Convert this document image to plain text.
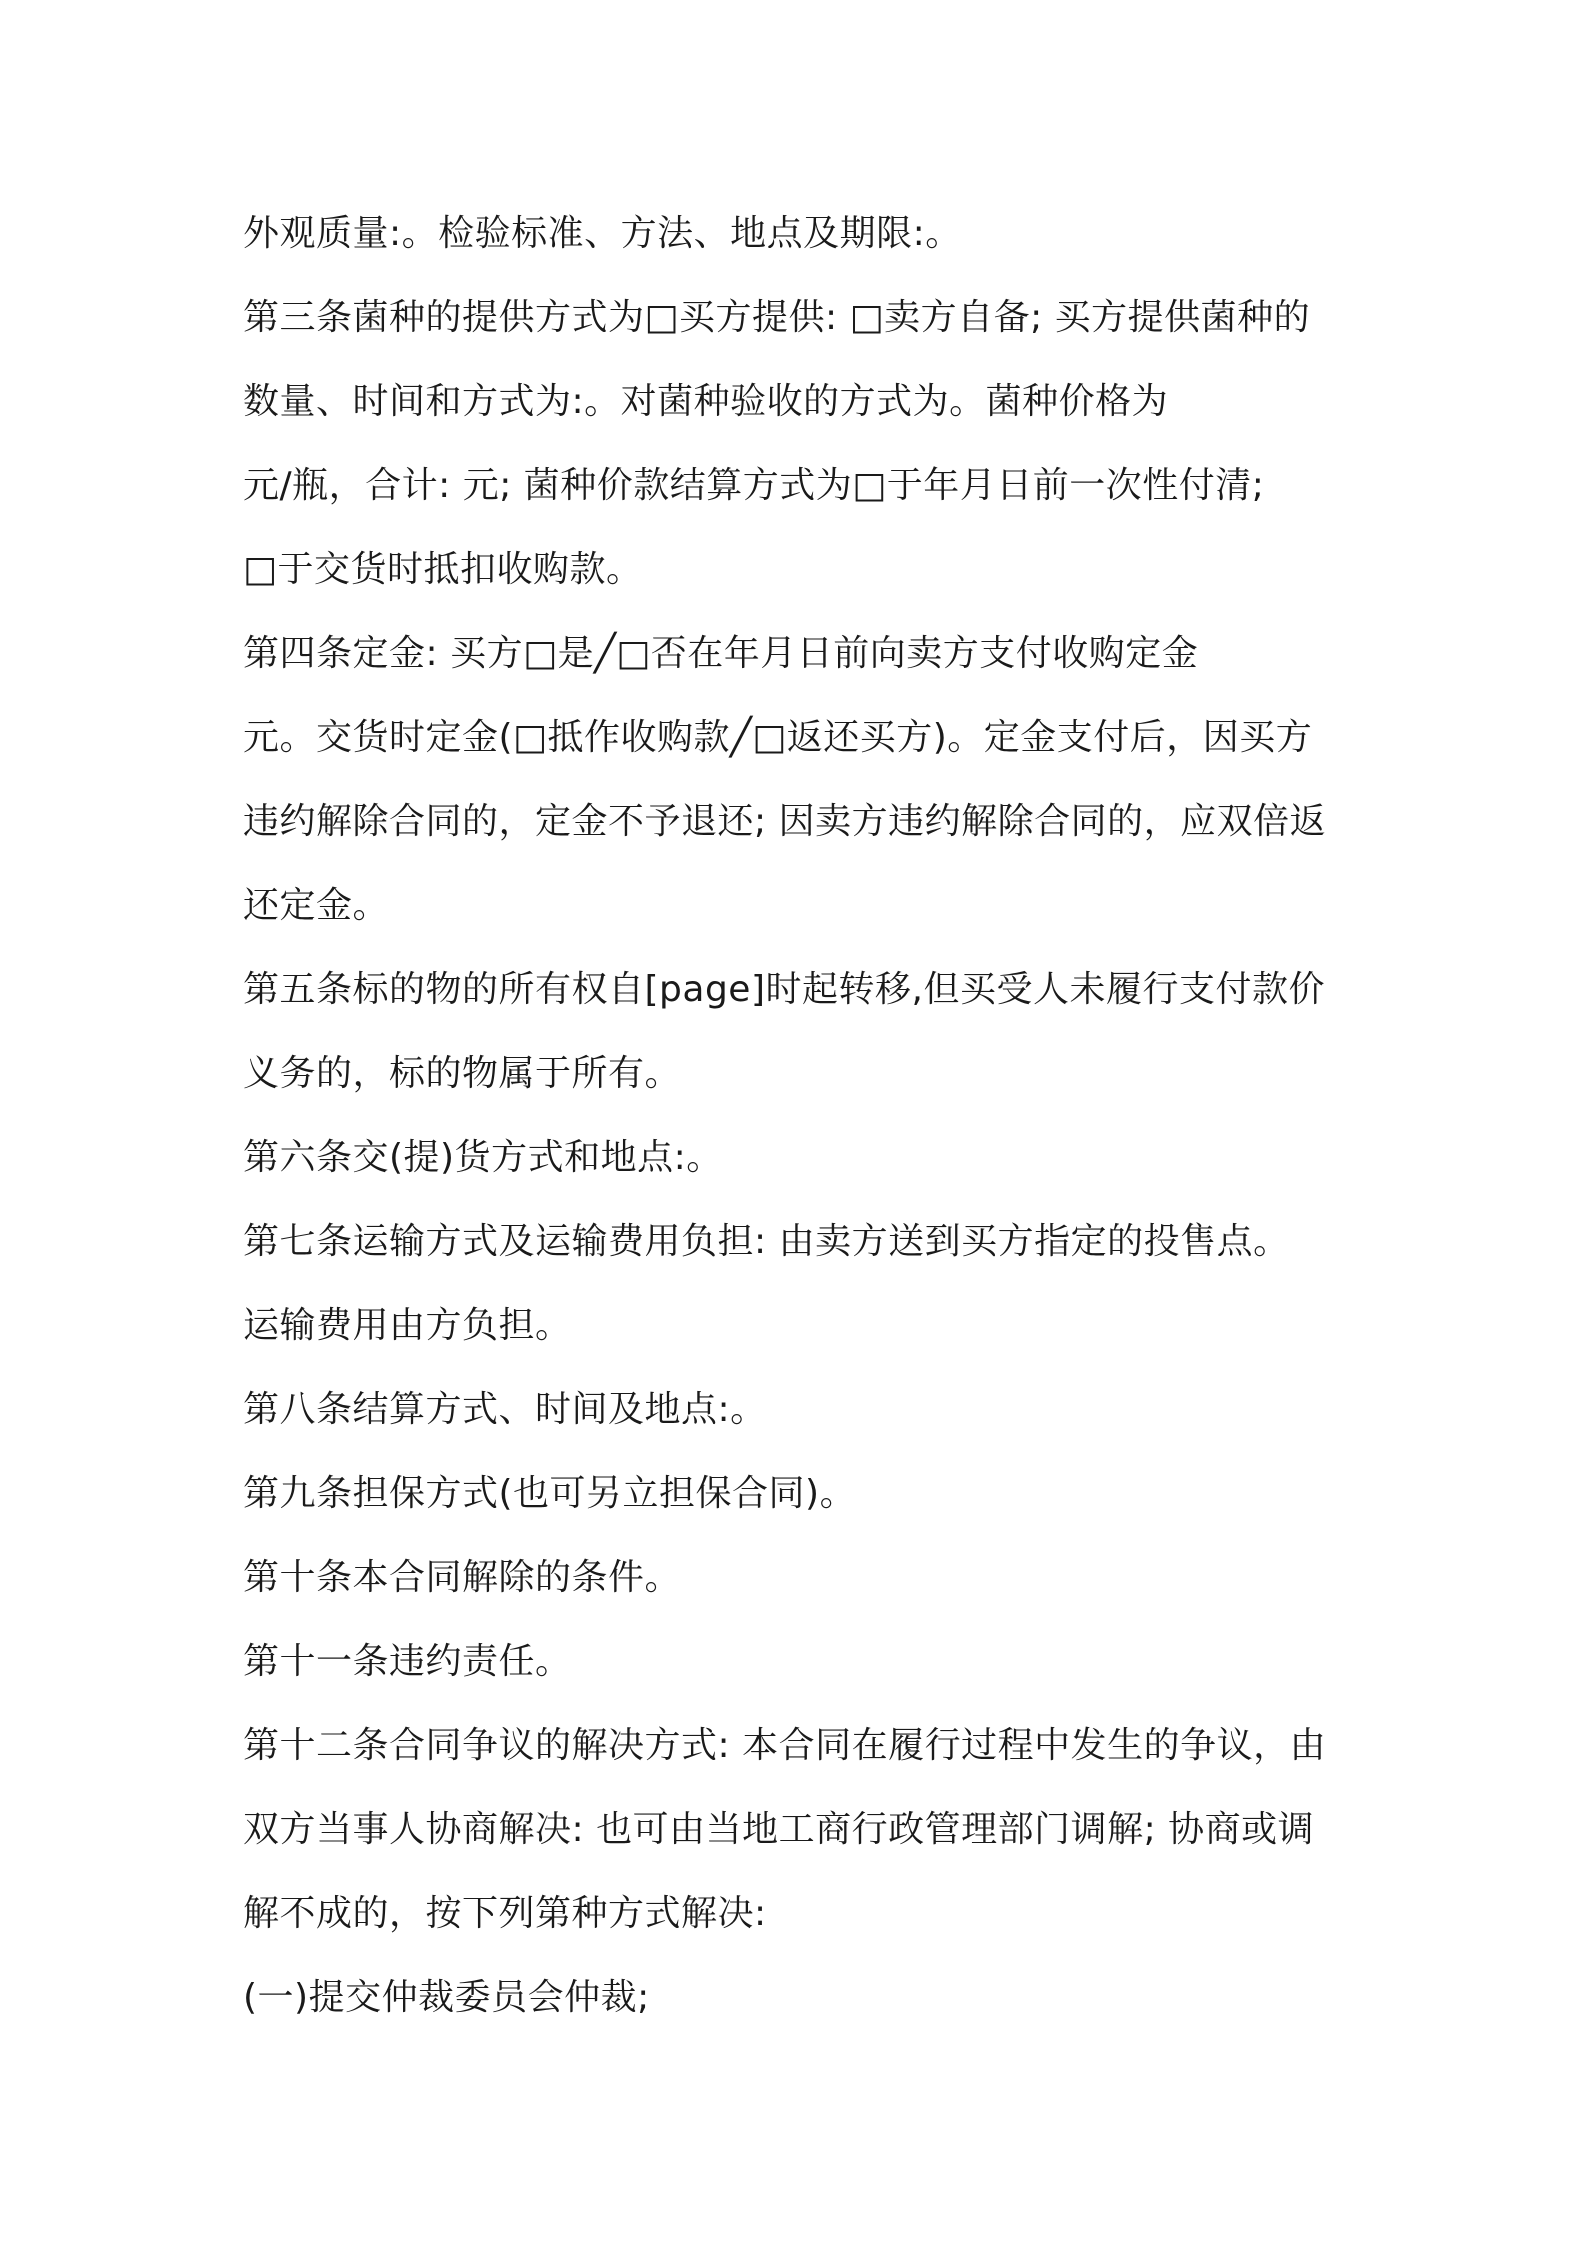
外观质量:。检验标准、方法、地点及期限:。
第三条菌种的提供方式为□买方提供: □卖方自备; 买方提供菌种的
数量、时间和方式为:。对菌种验收的方式为。菌种价格为
元/瓶，合计: 元; 菌种价款结算方式为□于年月日前一次性付清;
□于交货时抵扣收购款。
第四条定金: 买方□是╱□否在年月日前向卖方支付收购定金
元。交货时定金(□抵作收购款╱□返还买方)。定金支付后，因买方
违约解除合同的，定金不予退还; 因卖方违约解除合同的，应双倍返
还定金。
第五条标的物的所有权自[page]时起转移,但买受人未履行支付款价
义务的，标的物属于所有。
第六条交(提)货方式和地点:。
第七条运输方式及运输费用负担: 由卖方送到买方指定的投售点。
运输费用由方负担。
第八条结算方式、时间及地点:。
第九条担保方式(也可另立担保合同)。
第十条本合同解除的条件。
第十一条违约责任。
第十二条合同争议的解决方式: 本合同在履行过程中发生的争议，由
双方当事人协商解决: 也可由当地工商行政管理部门调解; 协商或调
解不成的，按下列第种方式解决:
(一)提交仲裁委员会仲裁;
